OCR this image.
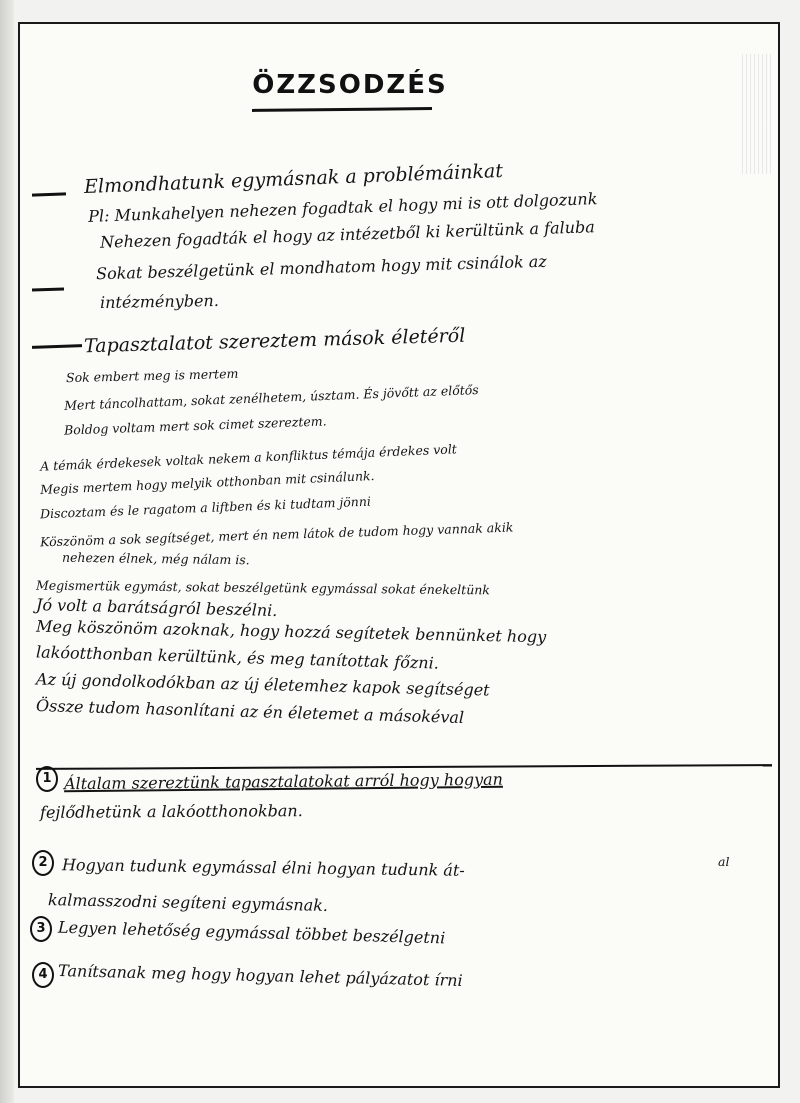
ÖZZSODZÉS
Elmondhatunk egymásnak a problémáinkat
Pl: Munkahelyen nehezen fogadtak el hogy mi is ott dolgozunk
Nehezen fogadták el hogy az intézetből ki kerültünk a faluba
Sokat beszélgetünk el mondhatom hogy mit csinálok az
intézményben.
Tapasztalatot szereztem mások életéről
Sok embert meg is mertem
Mert táncolhattam, sokat zenélhetem, úsztam. És jövőtt az előtős
Boldog voltam mert sok cimet szereztem.
A témák érdekesek voltak nekem a konfliktus témája érdekes volt
Megis mertem hogy melyik otthonban mit csinálunk.
Discoztam és le ragatom a liftben és ki tudtam jönni
Köszönöm a sok segítséget, mert én nem látok de tudom hogy vannak akik
nehezen élnek, még nálam is.
Megismertük egymást, sokat beszélgetünk egymással sokat énekeltünk
Jó volt a barátságról beszélni.
Meg köszönöm azoknak, hogy hozzá segítetek bennünket hogy
lakóotthonban kerültünk, és meg tanítottak főzni.
Az új gondolkodókban az új életemhez kapok segítséget
Össze tudom hasonlítani az én életemet a másokéval
1 Általam szereztünk tapasztalatokat arról hogy hogyan
fejlődhetünk a lakóotthonokban.
2 Hogyan tudunk egymással élni hogyan tudunk át-	al
kalmasszodni segíteni egymásnak.
3 Legyen lehetőség egymással többet beszélgetni
4 Tanítsanak meg hogy hogyan lehet pályázatot írni
